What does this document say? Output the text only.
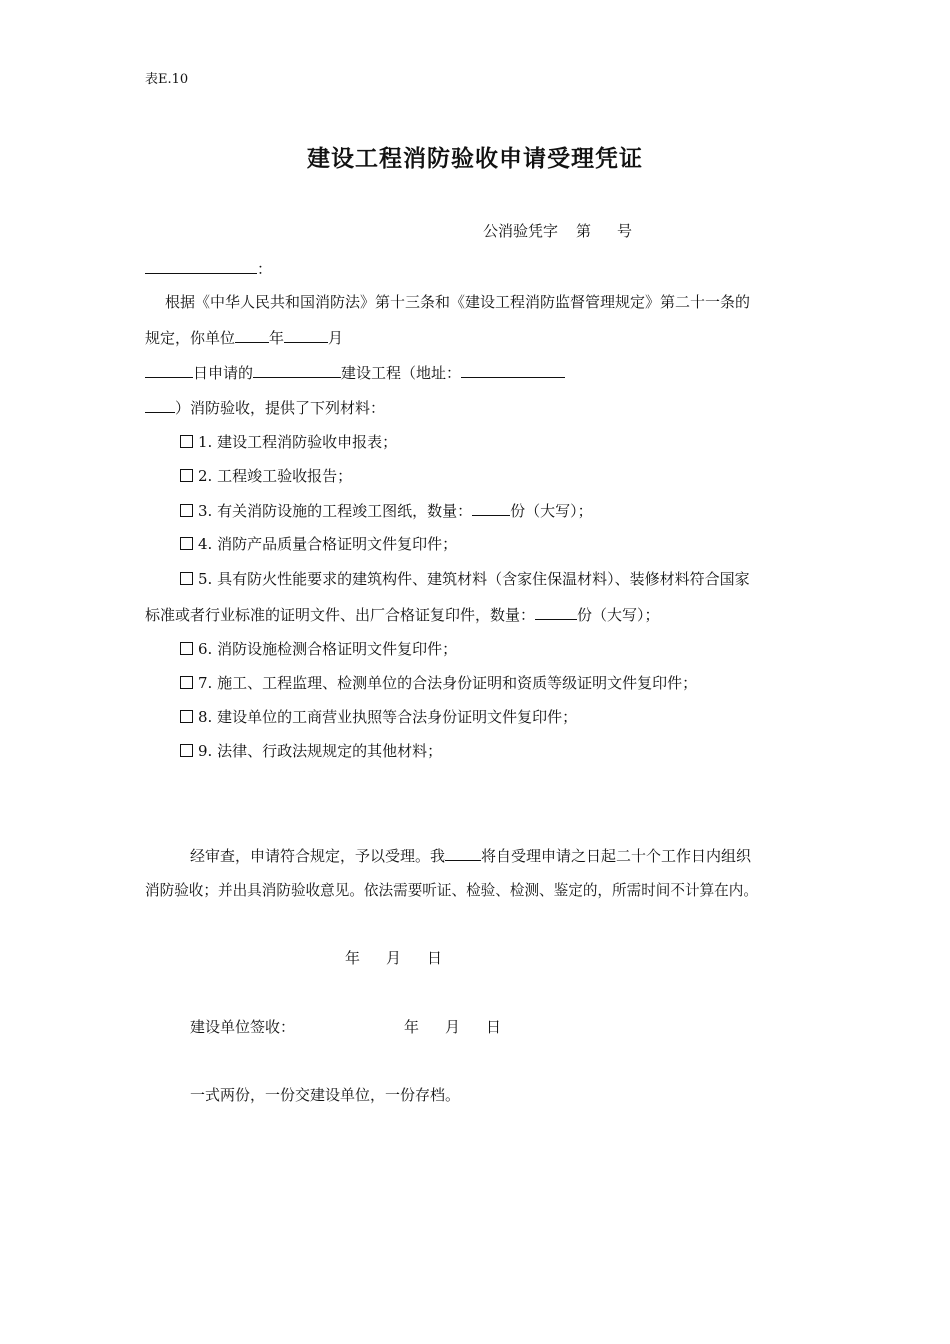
表E.10
建设工程消防验收申请受理凭证
公消验凭字 第 号
：
根据《中华人民共和国消防法》第十三条和《建设工程消防监督管理规定》第二十一条的
规定，你单位 年	月
日申请的	建设工程（地址：
）消防验收，提供了下列材料：
1. 建设工程消防验收申报表；
2. 工程竣工验收报告；
3. 有关消防设施的工程竣工图纸，数量：	份（大写）；
4. 消防产品质量合格证明文件复印件；
5. 具有防火性能要求的建筑构件、建筑材料（含家住保温材料）、装修材料符合国家
标准或者行业标准的证明文件、出厂合格证复印件，数量：	份（大写）；
6. 消防设施检测合格证明文件复印件；
7. 施工、工程监理、检测单位的合法身份证明和资质等级证明文件复印件；
8. 建设单位的工商营业执照等合法身份证明文件复印件；
9. 法律、行政法规规定的其他材料；
经审查，申请符合规定，予以受理。我 将自受理申请之日起二十个工作日内组织
消防验收；并出具消防验收意见。依法需要听证、检验、检测、鉴定的，所需时间不计算在内。
年 月 日
建设单位签收：	年 月 日
一式两份，一份交建设单位，一份存档。
